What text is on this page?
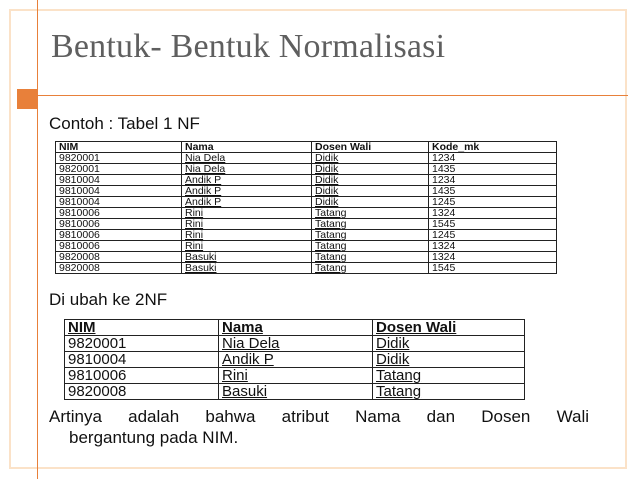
Bentuk- Bentuk Normalisasi
Contoh : Tabel 1 NF
NIM	Nama	Dosen Wali	Kode_mk
9820001	Nia Dela	Didik	1234
9820001	Nia Dela	Didik	1435
9810004	Andik P	Didik	1234
9810004	Andik P	Didik	1435
9810004	Andik P	Didik	1245
9810006	Rini	Tatang	1324
9810006	Rini	Tatang	1545
9810006	Rini	Tatang	1245
9810006	Rini	Tatang	1324
9820008	Basuki	Tatang	1324
9820008	Basuki	Tatang	1545
Di ubah ke 2NF
NIM	Nama	Dosen Wali
9820001	Nia Dela	Didik
9810004	Andik P	Didik
9810006	Rini	Tatang
9820008	Basuki	Tatang
Artinya adalah bahwa atribut Nama dan Dosen Wali
bergantung pada NIM.
